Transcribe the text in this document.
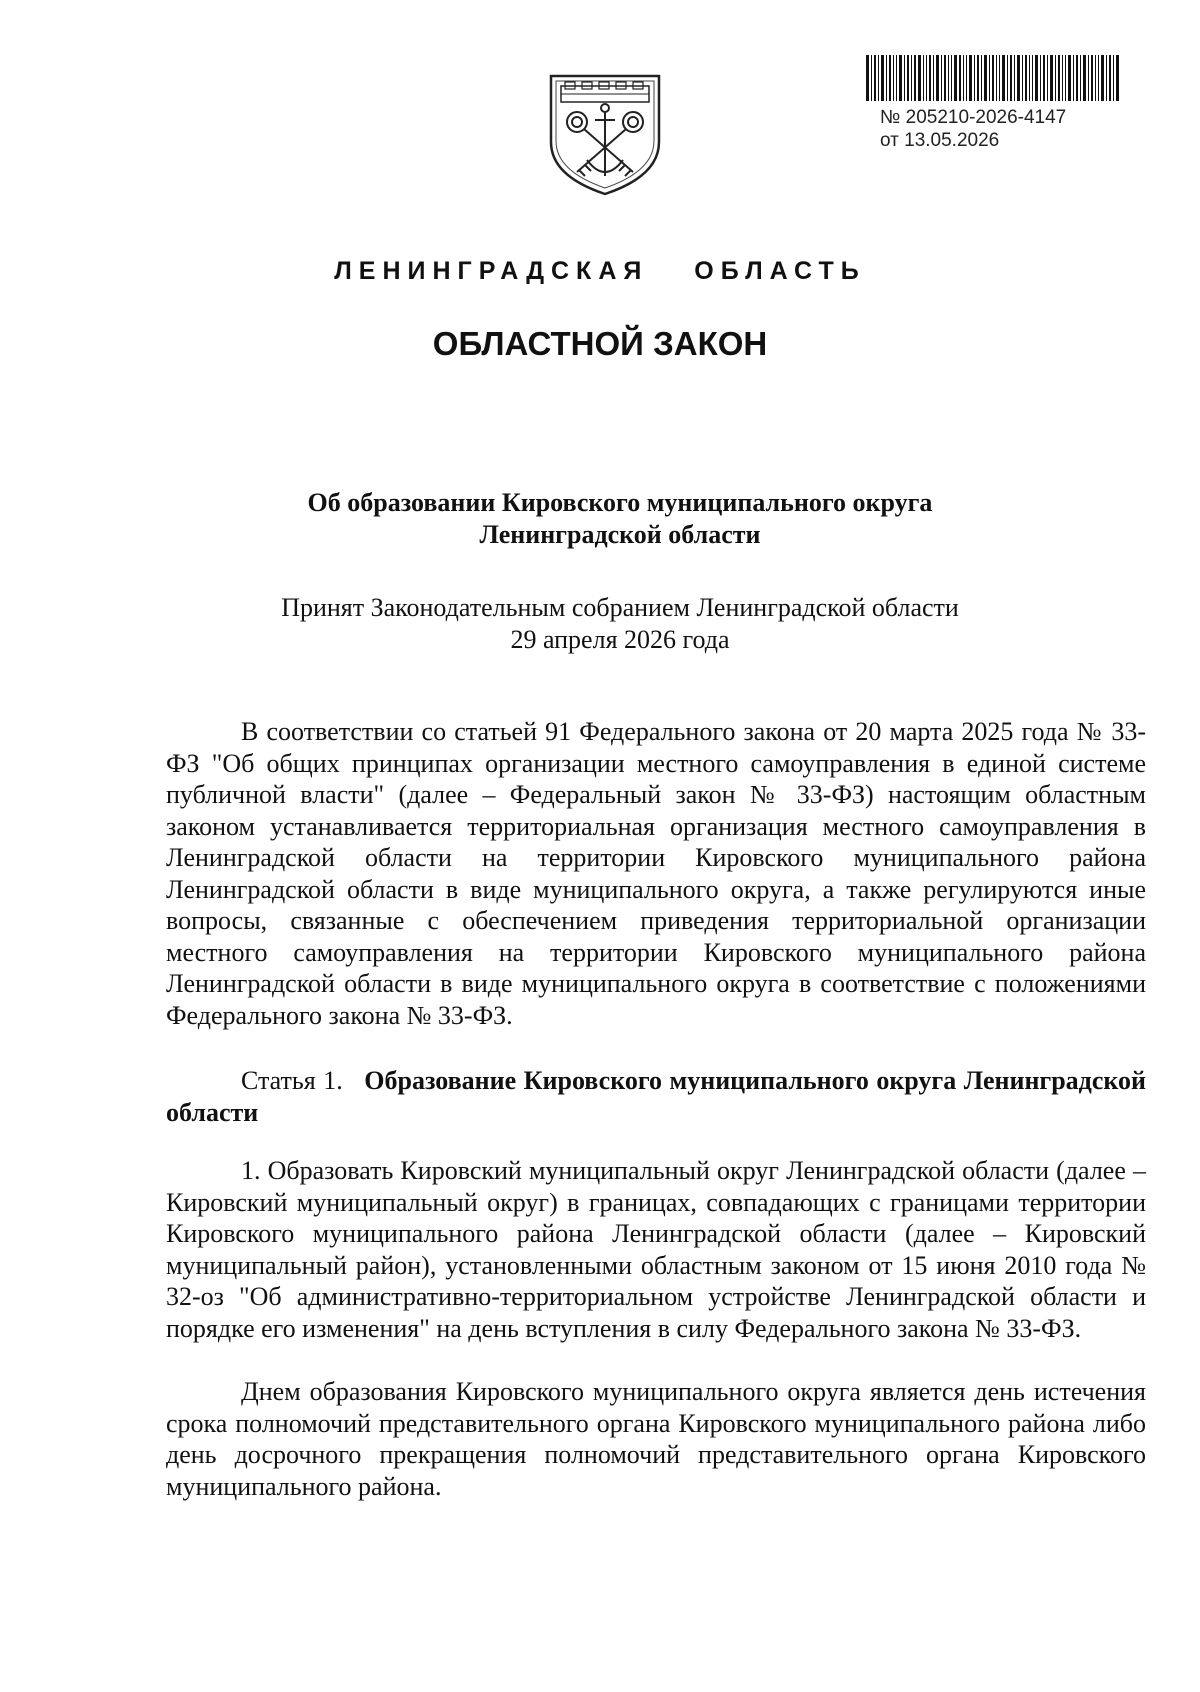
№ 205210-2026-4147
от 13.05.2026
ЛЕНИНГРАДСКАЯ ОБЛАСТЬ
ОБЛАСТНОЙ ЗАКОН
Об образовании Кировского муниципального округа
Ленинградской области
Принят Законодательным собранием Ленинградской области
29 апреля 2026 года
В соответствии со статьей 91 Федерального закона от 20 марта 2025 года № 33-ФЗ "Об общих принципах организации местного самоуправления в единой системе публичной власти" (далее – Федеральный закон № 33-ФЗ) настоящим областным законом устанавливается территориальная организация местного самоуправления в Ленинградской области на территории Кировского муниципального района Ленинградской области в виде муниципального округа, а также регулируются иные вопросы, связанные с обеспечением приведения территориальной организации местного самоуправления на территории Кировского муниципального района Ленинградской области в виде муниципального округа в соответствие с положениями Федерального закона № 33-ФЗ.
Статья 1. Образование Кировского муниципального округа Ленинградской области
1. Образовать Кировский муниципальный округ Ленинградской области (далее – Кировский муниципальный округ) в границах, совпадающих с границами территории Кировского муниципального района Ленинградской области (далее – Кировский муниципальный район), установленными областным законом от 15 июня 2010 года № 32-оз "Об административно-территориальном устройстве Ленинградской области и порядке его изменения" на день вступления в силу Федерального закона № 33-ФЗ.
Днем образования Кировского муниципального округа является день истечения срока полномочий представительного органа Кировского муниципального района либо день досрочного прекращения полномочий представительного органа Кировского муниципального района.
